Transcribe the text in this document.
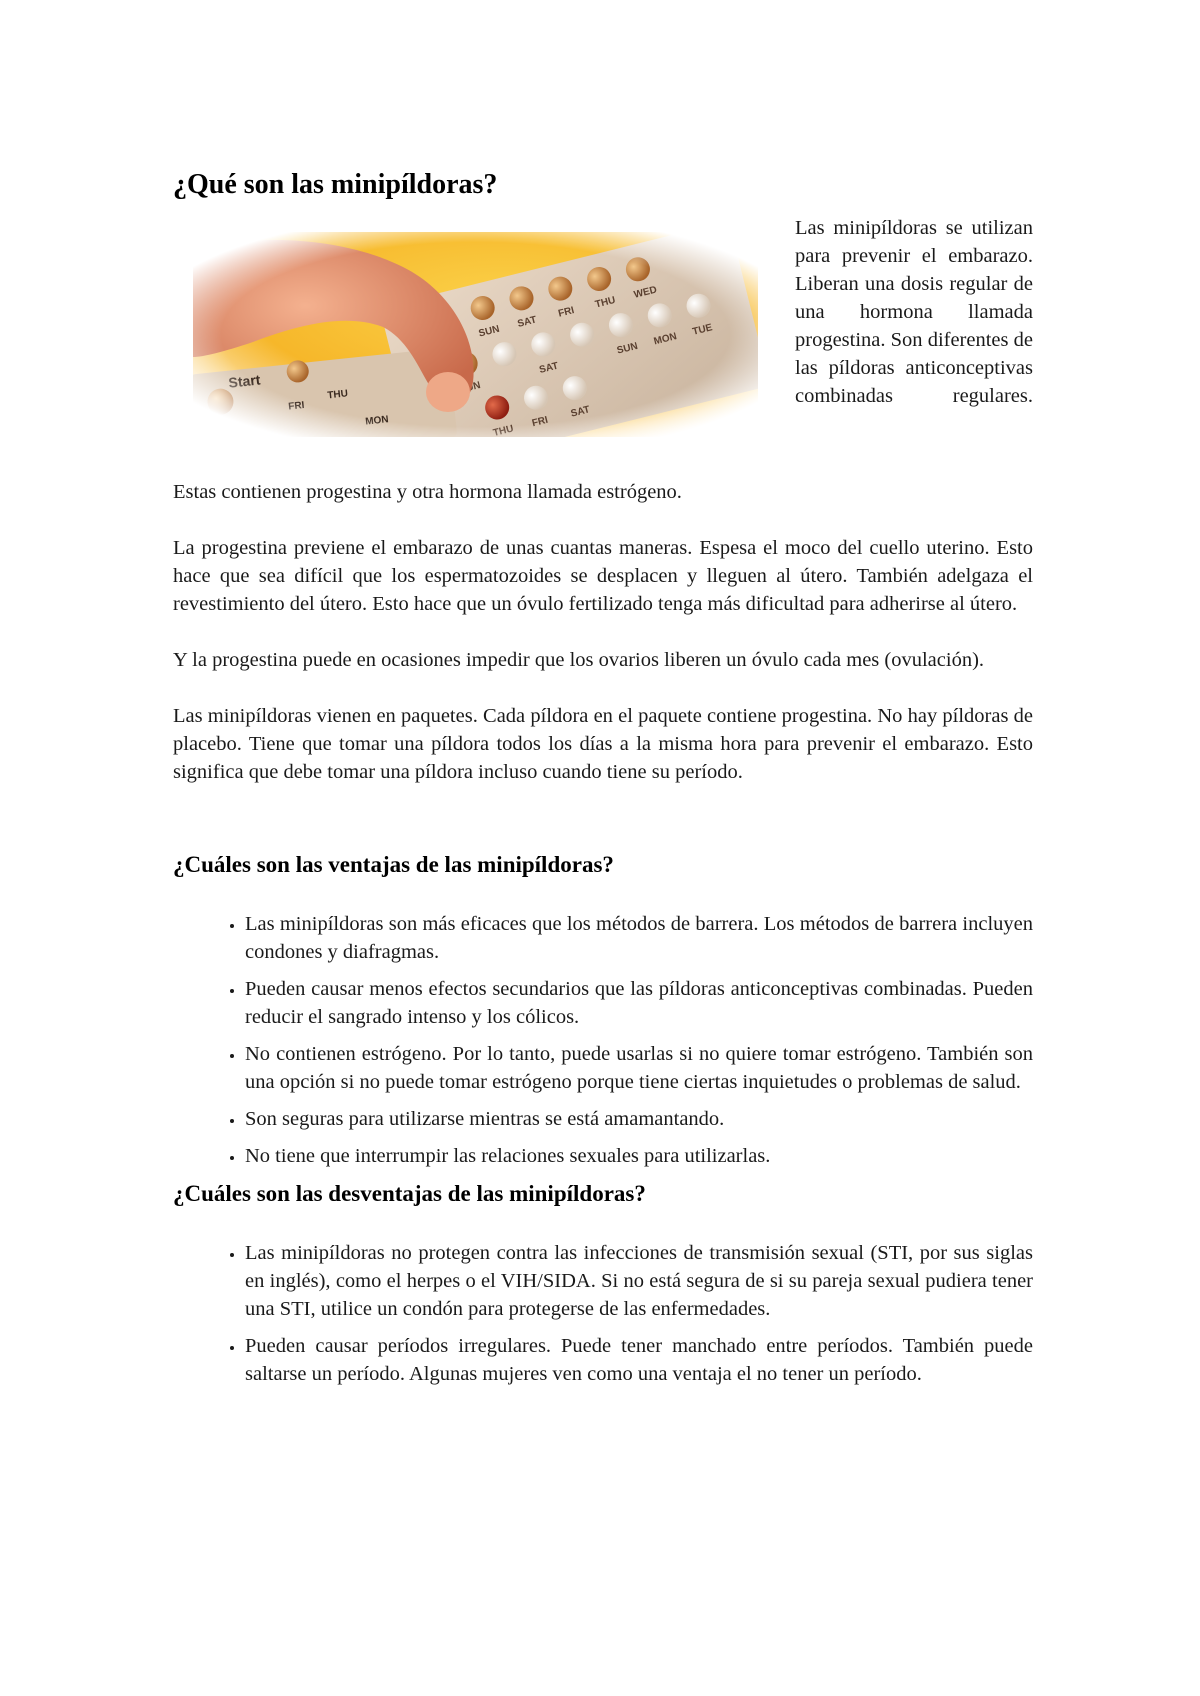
¿Qué son las minipíldoras?

Las minipíldoras se utilizan para prevenir el embarazo. Liberan una dosis regular de una hormona llamada progestina. Son diferentes de las píldoras anticonceptivas combinadas regulares.

Estas contienen progestina y otra hormona llamada estrógeno.

La progestina previene el embarazo de unas cuantas maneras. Espesa el moco del cuello uterino. Esto hace que sea difícil que los espermatozoides se desplacen y lleguen al útero. También adelgaza el revestimiento del útero. Esto hace que un óvulo fertilizado tenga más dificultad para adherirse al útero.

Y la progestina puede en ocasiones impedir que los ovarios liberen un óvulo cada mes (ovulación).

Las minipíldoras vienen en paquetes. Cada píldora en el paquete contiene progestina. No hay píldoras de placebo. Tiene que tomar una píldora todos los días a la misma hora para prevenir el embarazo. Esto significa que debe tomar una píldora incluso cuando tiene su período.

¿Cuáles son las ventajas de las minipíldoras?
• Las minipíldoras son más eficaces que los métodos de barrera. Los métodos de barrera incluyen condones y diafragmas.
• Pueden causar menos efectos secundarios que las píldoras anticonceptivas combinadas. Pueden reducir el sangrado intenso y los cólicos.
• No contienen estrógeno. Por lo tanto, puede usarlas si no quiere tomar estrógeno. También son una opción si no puede tomar estrógeno porque tiene ciertas inquietudes o problemas de salud.
• Son seguras para utilizarse mientras se está amamantando.
• No tiene que interrumpir las relaciones sexuales para utilizarlas.
¿Cuáles son las desventajas de las minipíldoras?
• Las minipíldoras no protegen contra las infecciones de transmisión sexual (STI, por sus siglas en inglés), como el herpes o el VIH/SIDA. Si no está segura de si su pareja sexual pudiera tener una STI, utilice un condón para protegerse de las enfermedades.
• Pueden causar períodos irregulares. Puede tener manchado entre períodos. También puede saltarse un período. Algunas mujeres ven como una ventaja el no tener un período.
